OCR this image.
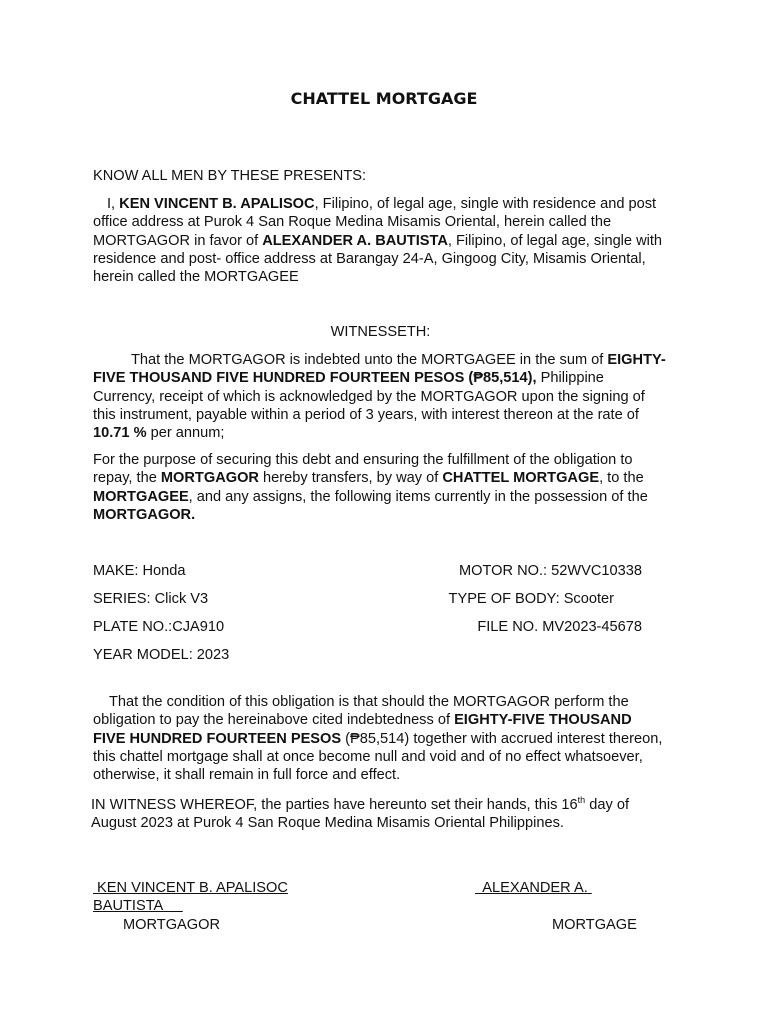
CHATTEL MORTGAGE
KNOW ALL MEN BY THESE PRESENTS:
I, KEN VINCENT B. APALISOC, Filipino, of legal age, single with residence and post office address at Purok 4 San Roque Medina Misamis Oriental, herein called the MORTGAGOR in favor of ALEXANDER A. BAUTISTA, Filipino, of legal age, single with residence and post- office address at Barangay 24-A, Gingoog City, Misamis Oriental, herein called the MORTGAGEE
WITNESSETH:
That the MORTGAGOR is indebted unto the MORTGAGEE in the sum of EIGHTY-FIVE THOUSAND FIVE HUNDRED FOURTEEN PESOS (₱85,514), Philippine Currency, receipt of which is acknowledged by the MORTGAGOR upon the signing of this instrument, payable within a period of 3 years, with interest thereon at the rate of 10.71 % per annum;
For the purpose of securing this debt and ensuring the fulfillment of the obligation to repay, the MORTGAGOR hereby transfers, by way of CHATTEL MORTGAGE, to the MORTGAGEE, and any assigns, the following items currently in the possession of the MORTGAGOR.
MAKE: Honda	MOTOR NO.: 52WVC10338
SERIES: Click V3	TYPE OF BODY: Scooter
PLATE NO.:CJA910	FILE NO. MV2023-45678
YEAR MODEL: 2023
That the condition of this obligation is that should the MORTGAGOR perform the obligation to pay the hereinabove cited indebtedness of EIGHTY-FIVE THOUSAND FIVE HUNDRED FOURTEEN PESOS (₱85,514) together with accrued interest thereon, this chattel mortgage shall at once become null and void and of no effect whatsoever, otherwise, it shall remain in full force and effect.
IN WITNESS WHEREOF, the parties have hereunto set their hands, this 16th day of August 2023 at Purok 4 San Roque Medina Misamis Oriental Philippines.
KEN VINCENT B. APALISOC	ALEXANDER A.
BAUTISTA
MORTGAGOR	MORTGAGE
